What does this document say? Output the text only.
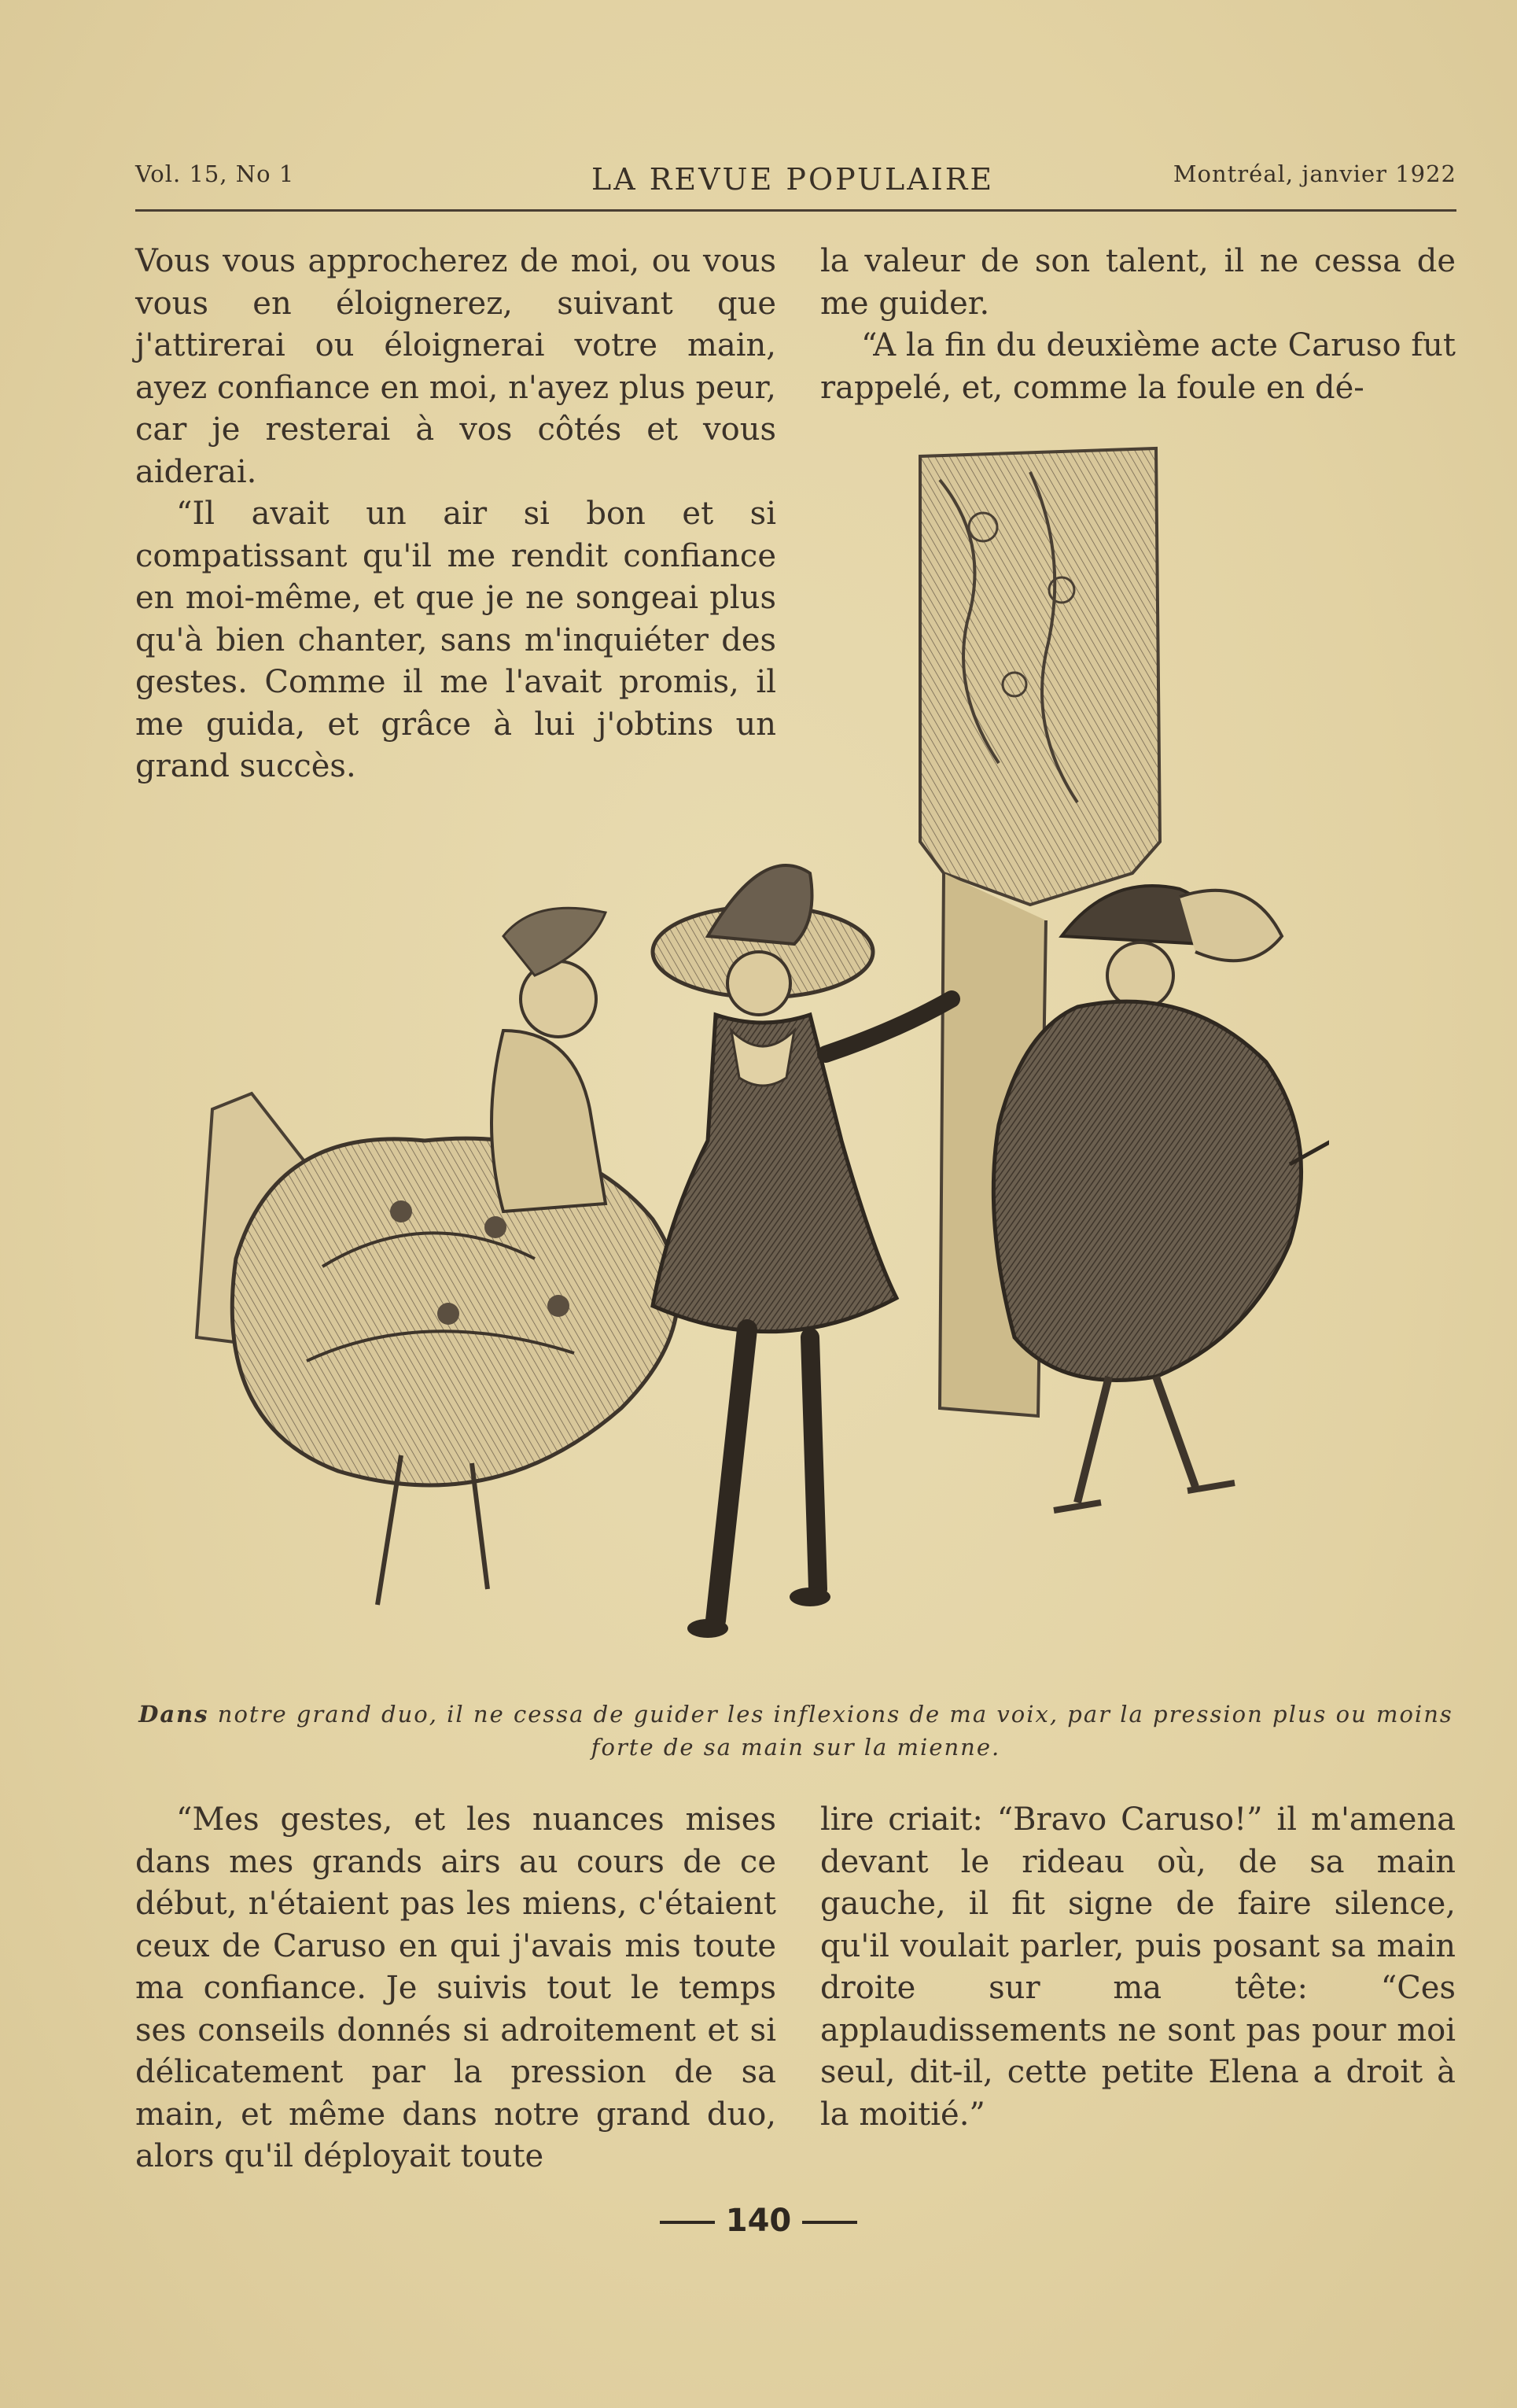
Vol. 15, No 1	LA REVUE POPULAIRE	Montréal, janvier 1922

Vous vous approcherez de moi, ou vous vous en éloignerez, suivant que j'attirerai ou éloignerai votre main, ayez confiance en moi, n'ayez plus peur, car je resterai à vos côtés et vous aiderai.

“Il avait un air si bon et si compatissant qu'il me rendit confiance en moi-même, et que je ne songeai plus qu'à bien chanter, sans m'inquiéter des gestes. Comme il me l'avait promis, il me guida, et grâce à lui j'obtins un grand succès.

la valeur de son talent, il ne cessa de me guider.

“A la fin du deuxième acte Caruso fut rappelé, et, comme la foule en dé-

Dans notre grand duo, il ne cessa de guider les inflexions de ma voix, par la pression plus ou moins forte de sa main sur la mienne.

“Mes gestes, et les nuances mises dans mes grands airs au cours de ce début, n'étaient pas les miens, c'étaient ceux de Caruso en qui j'avais mis toute ma confiance. Je suivis tout le temps ses conseils donnés si adroitement et si délicatement par la pression de sa main, et même dans notre grand duo, alors qu'il déployait toute

lire criait: “Bravo Caruso!” il m'amena devant le rideau où, de sa main gauche, il fit signe de faire silence, qu'il voulait parler, puis posant sa main droite sur ma tête: “Ces applaudissements ne sont pas pour moi seul, dit-il, cette petite Elena a droit à la moitié.”

140
